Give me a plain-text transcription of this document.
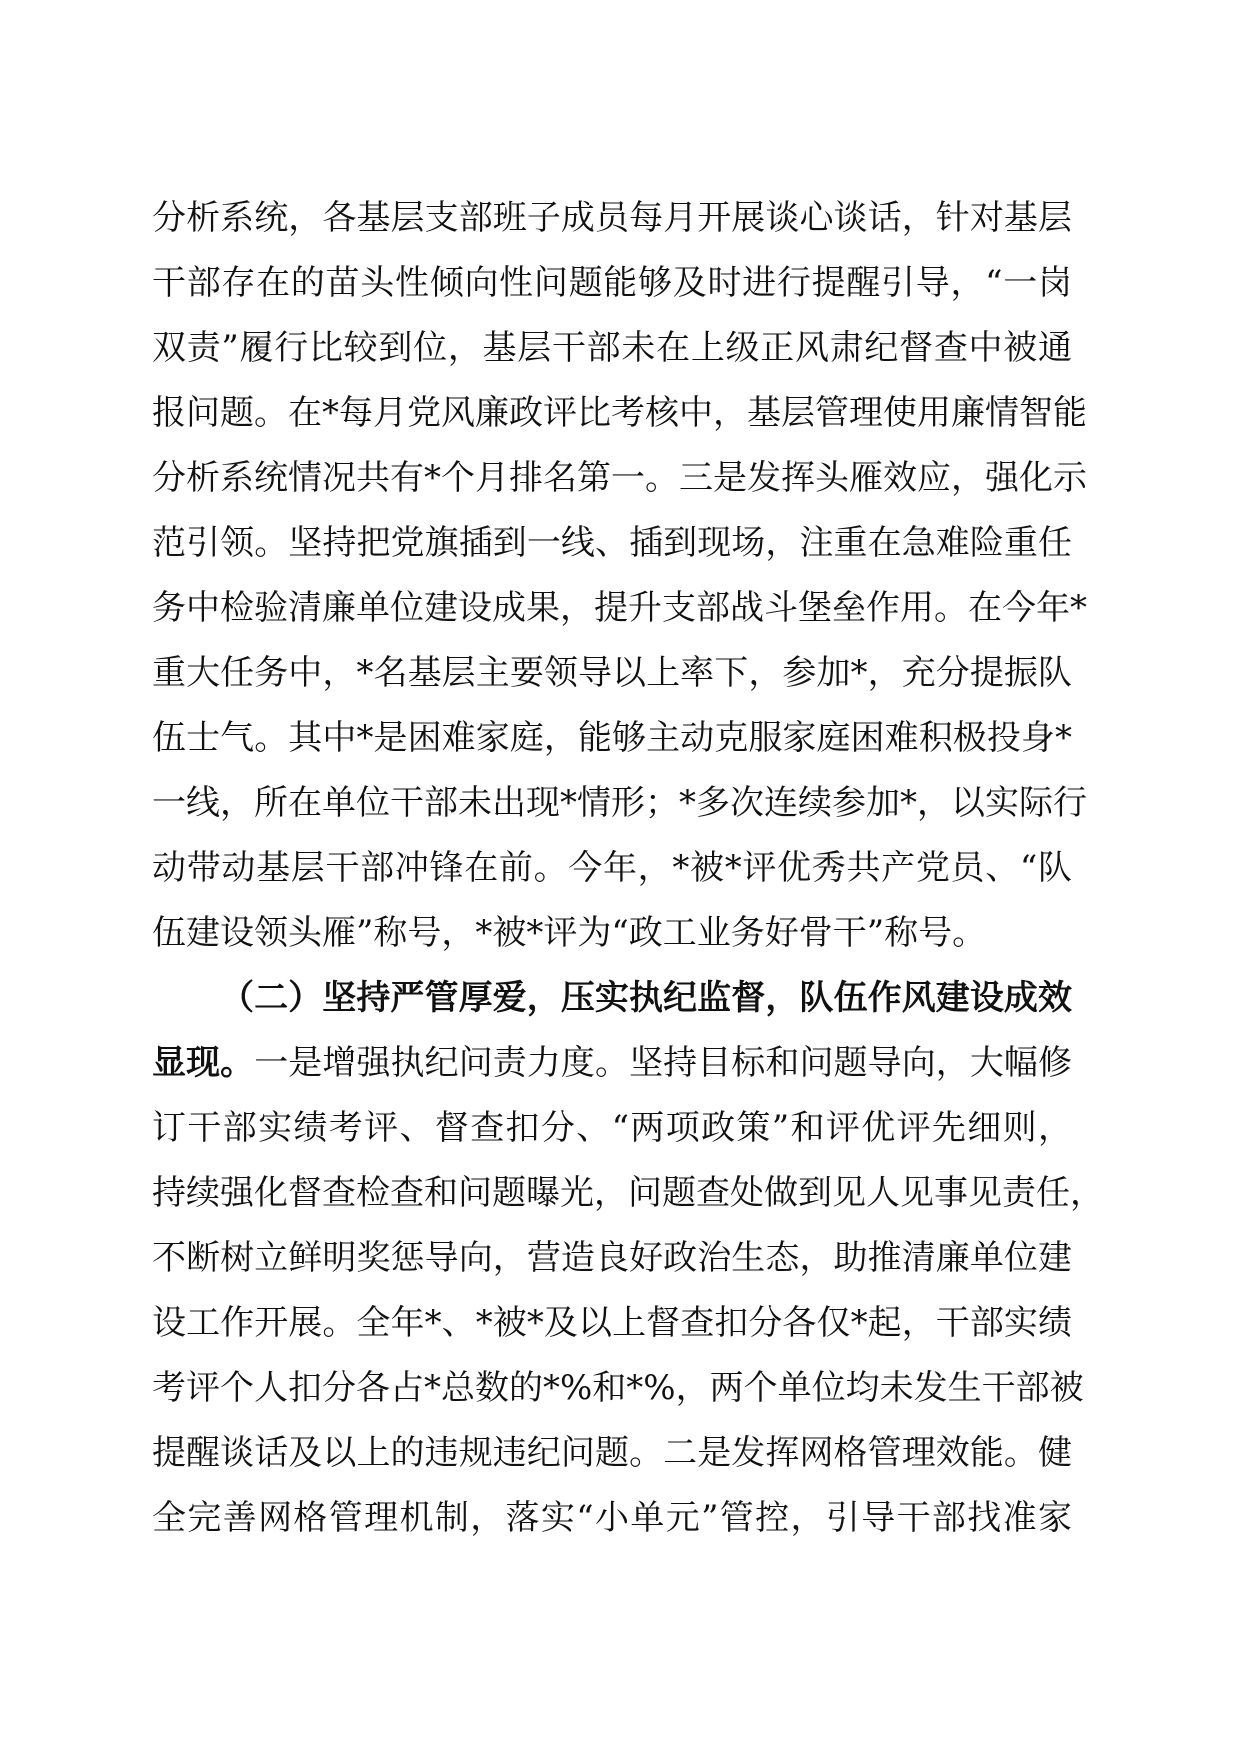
分析系统，各基层支部班子成员每月开展谈心谈话，针对基层
干部存在的苗头性倾向性问题能够及时进行提醒引导，“一岗
双责”履行比较到位，基层干部未在上级正风肃纪督查中被通
报问题。在*每月党风廉政评比考核中，基层管理使用廉情智能
分析系统情况共有*个月排名第一。三是发挥头雁效应，强化示
范引领。坚持把党旗插到一线、插到现场，注重在急难险重任
务中检验清廉单位建设成果，提升支部战斗堡垒作用。在今年*
重大任务中，*名基层主要领导以上率下，参加*，充分提振队
伍士气。其中*是困难家庭，能够主动克服家庭困难积极投身*
一线，所在单位干部未出现*情形；*多次连续参加*，以实际行
动带动基层干部冲锋在前。今年，*被*评优秀共产党员、“队
伍建设领头雁”称号，*被*评为“政工业务好骨干”称号。
（二）坚持严管厚爱，压实执纪监督，队伍作风建设成效
显现。一是增强执纪问责力度。坚持目标和问题导向，大幅修
订干部实绩考评、督查扣分、“两项政策”和评优评先细则，
持续强化督查检查和问题曝光，问题查处做到见人见事见责任，
不断树立鲜明奖惩导向，营造良好政治生态，助推清廉单位建
设工作开展。全年*、*被*及以上督查扣分各仅*起，干部实绩
考评个人扣分各占*总数的*%和*%，两个单位均未发生干部被
提醒谈话及以上的违规违纪问题。二是发挥网格管理效能。健
全完善网格管理机制，落实“小单元”管控，引导干部找准家
